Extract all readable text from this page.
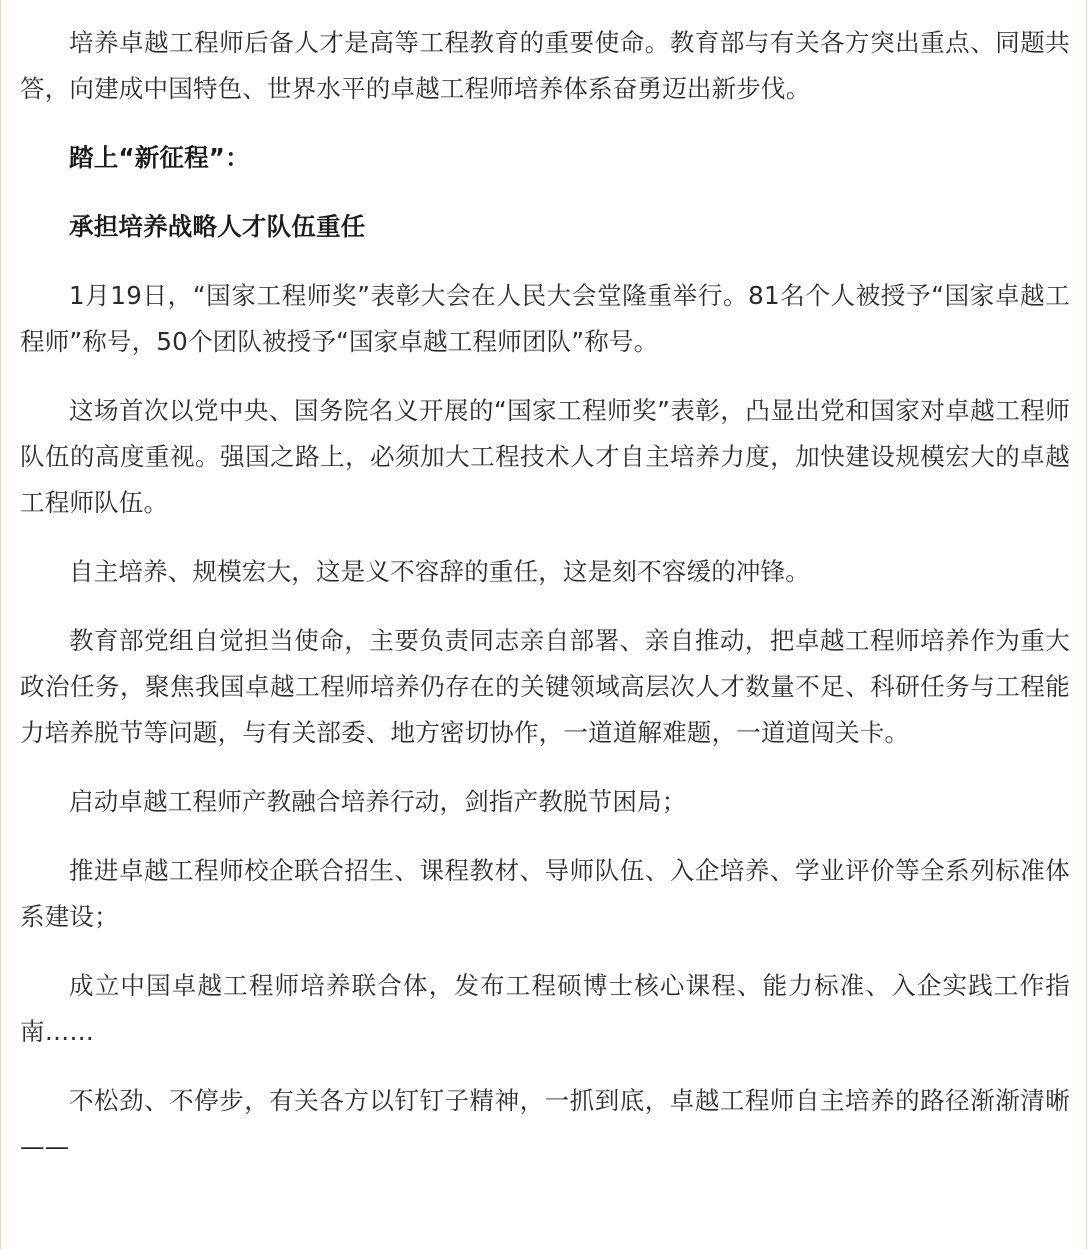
培养卓越工程师后备人才是高等工程教育的重要使命。教育部与有关各方突出重点、同题共答，向建成中国特色、世界水平的卓越工程师培养体系奋勇迈出新步伐。

踏上“新征程”：

承担培养战略人才队伍重任

1月19日，“国家工程师奖”表彰大会在人民大会堂隆重举行。81名个人被授予“国家卓越工程师”称号，50个团队被授予“国家卓越工程师团队”称号。

这场首次以党中央、国务院名义开展的“国家工程师奖”表彰，凸显出党和国家对卓越工程师队伍的高度重视。强国之路上，必须加大工程技术人才自主培养力度，加快建设规模宏大的卓越工程师队伍。

自主培养、规模宏大，这是义不容辞的重任，这是刻不容缓的冲锋。

教育部党组自觉担当使命，主要负责同志亲自部署、亲自推动，把卓越工程师培养作为重大政治任务，聚焦我国卓越工程师培养仍存在的关键领域高层次人才数量不足、科研任务与工程能力培养脱节等问题，与有关部委、地方密切协作，一道道解难题，一道道闯关卡。

启动卓越工程师产教融合培养行动，剑指产教脱节困局；

推进卓越工程师校企联合招生、课程教材、导师队伍、入企培养、学业评价等全系列标准体系建设；

成立中国卓越工程师培养联合体，发布工程硕博士核心课程、能力标准、入企实践工作指南……

不松劲、不停步，有关各方以钉钉子精神，一抓到底，卓越工程师自主培养的路径渐渐清晰——
